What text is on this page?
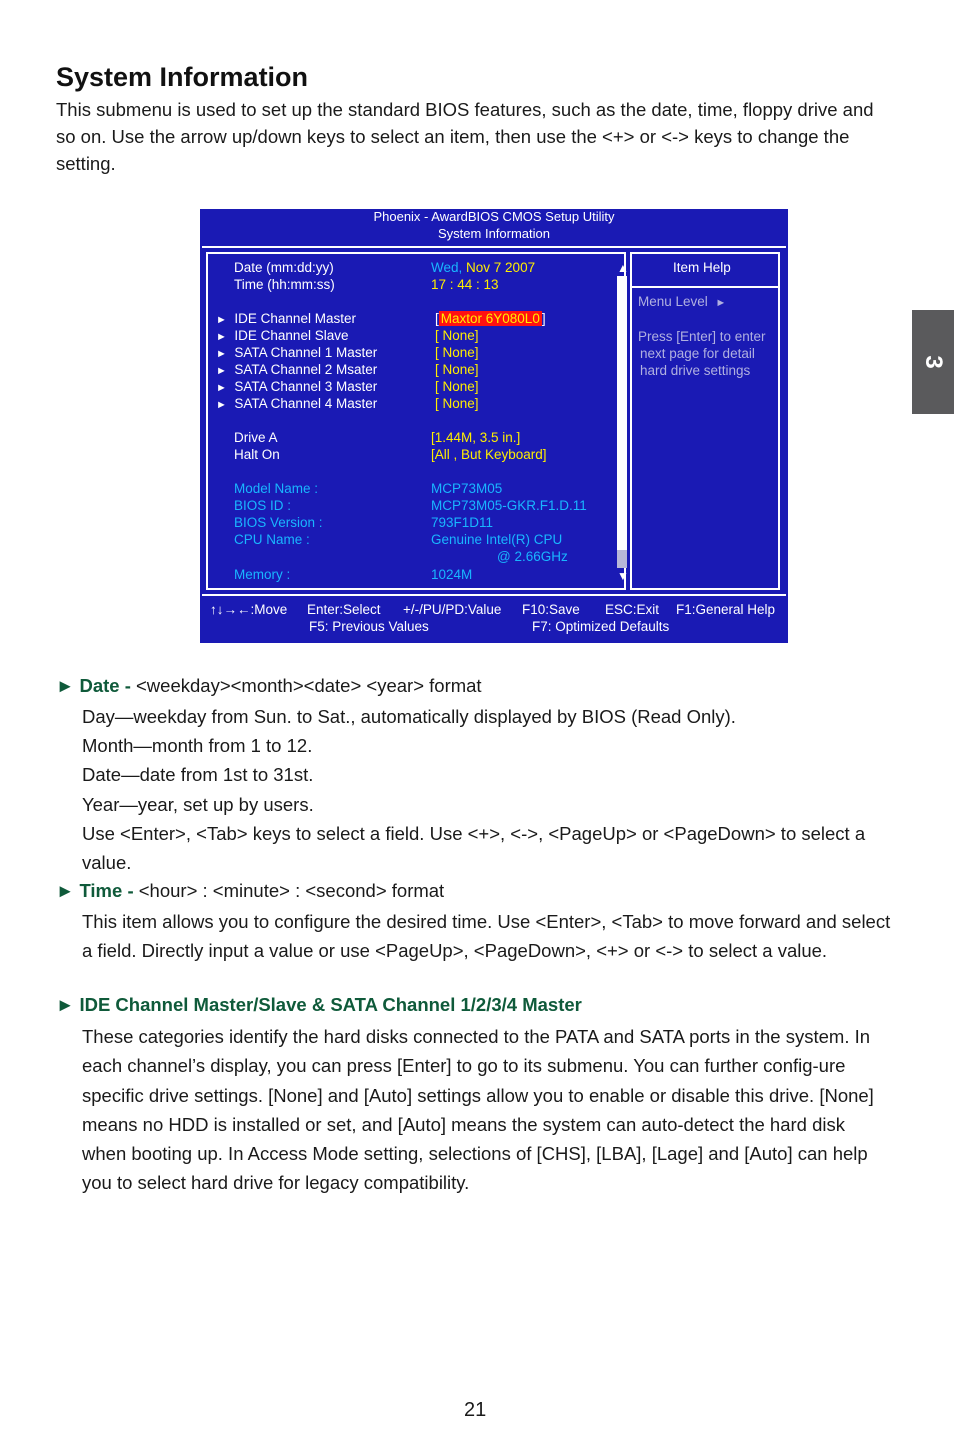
System Information

This submenu is used to set up the standard BIOS features, such as the date, time, floppy drive and so on. Use the arrow up/down keys to select an item, then use the <+> or <-> keys to change the setting.

3
Phoenix - AwardBIOS CMOS Setup Utility
System Information
Date (mm:dd:yy)	Wed, Nov 7 2007
Time (hh:mm:ss)	17 : 44 : 13
► IDE Channel Master	[ Maxtor 6Y080L0 ]
► IDE Channel Slave	[ None]
► SATA Channel 1 Master	[ None]
► SATA Channel 2 Msater	[ None]
► SATA Channel 3 Master	[ None]
► SATA Channel 4 Master	[ None]
Drive A	[1.44M, 3.5 in.]
Halt On	[All , But Keyboard]
Model Name :	MCP73M05
BIOS ID :	MCP73M05-GKR.F1.D.11
BIOS Version :	793F1D11
CPU Name :	Genuine Intel(R) CPU
@ 2.66GHz
Memory :	1024M
▲
▼
Item Help
Menu Level ►
Press [Enter] to enter
next page for detail
hard drive settings
↑↓→←:Move Enter:Select +/-/PU/PD:Value F10:Save ESC:Exit F1:General Help
F5: Previous Values	F7: Optimized Defaults
► Date - <weekday><month><date> <year> format

Day—weekday from Sun. to Sat., automatically displayed by BIOS (Read Only).

Month—month from 1 to 12.

Date—date from 1st to 31st.

Year—year, set up by users.

Use <Enter>, <Tab> keys to select a field. Use <+>, <->, <PageUp> or <PageDown> to select a value.

► Time - <hour> : <minute> : <second> format

This item allows you to configure the desired time. Use <Enter>, <Tab> to move forward and select a field. Directly input a value or use <PageUp>, <PageDown>, <+> or <-> to select a value.

► IDE Channel Master/Slave & SATA Channel 1/2/3/4 Master

These categories identify the hard disks connected to the PATA and SATA ports in the system. In each channel’s display, you can press [Enter] to go to its submenu. You can further config-ure specific drive settings. [None] and [Auto] settings allow you to enable or disable this drive. [None] means no HDD is installed or set, and [Auto] means the system can auto-detect the hard disk when booting up. In Access Mode setting, selections of [CHS], [LBA], [Lage] and [Auto] can help you to select hard drive for legacy compatibility.

21
